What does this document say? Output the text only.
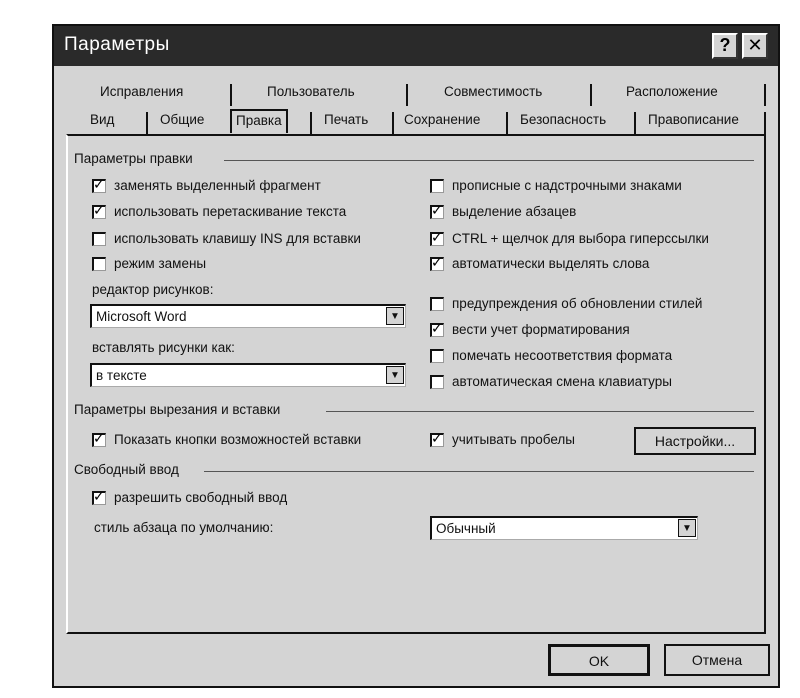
Параметры	? ✕
Исправления	Пользователь	Совместимость	Расположение
Вид	Общие	Правка	Печать	Сохранение	Безопасность	Правописание
Параметры правки
✓
заменять выделенный фрагмент
✓
использовать перетаскивание текста
использовать клавишу INS для вставки
режим замены
редактор рисунков:
Microsoft Word	▼
вставлять рисунки как:
в тексте	▼
прописные с надстрочными знаками
✓
выделение абзацев
✓
CTRL + щелчок для выбора гиперссылки
✓
автоматически выделять слова
предупреждения об обновлении стилей
✓
вести учет форматирования
помечать несоответствия формата
автоматическая смена клавиатуры
Параметры вырезания и вставки
✓
Показать кнопки возможностей вставки
✓	учитывать пробелы	Настройки...
Свободный ввод
✓
разрешить свободный ввод
стиль абзаца по умолчанию:	Обычный	▼
OK	Отмена
